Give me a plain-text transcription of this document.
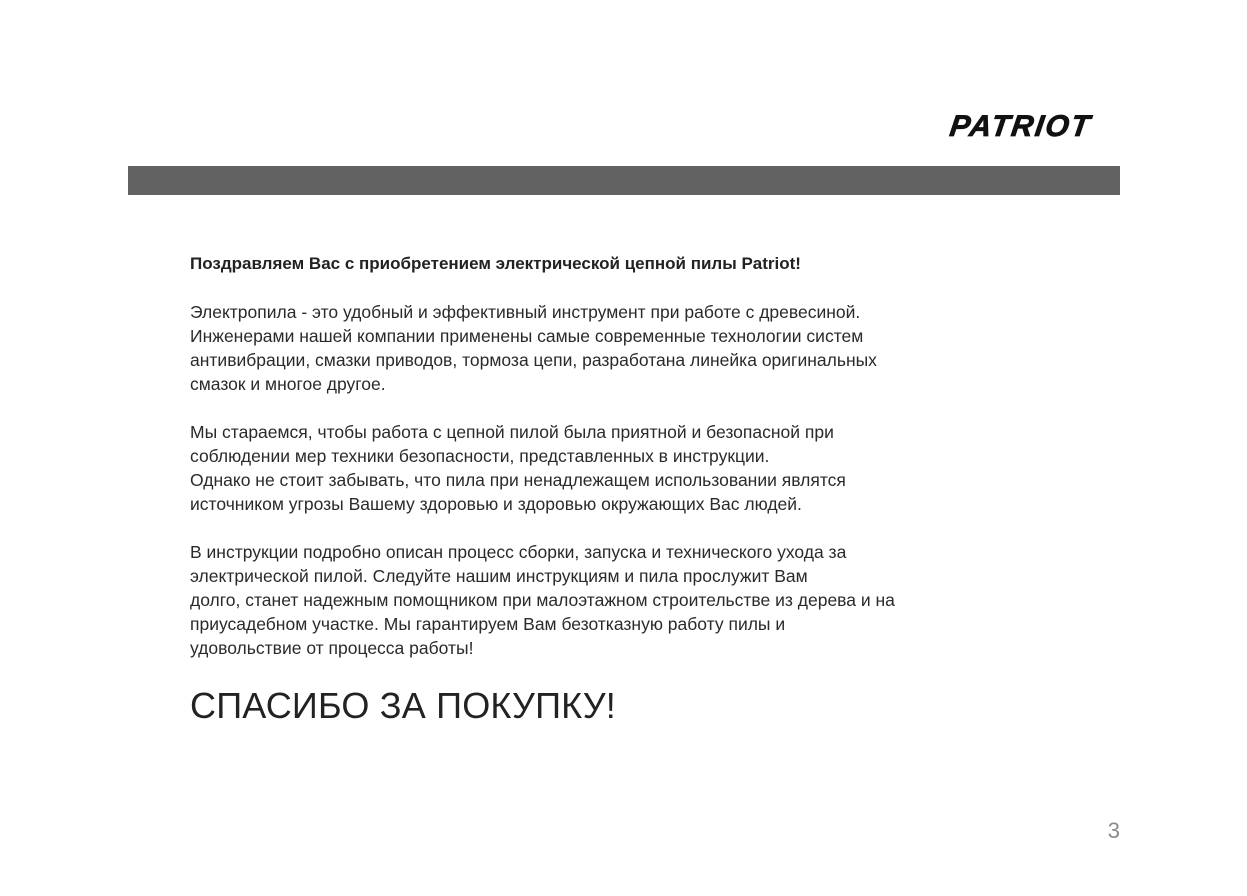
PATRIOT

Поздравляем Вас с приобретением электрической цепной пилы Patriot!

Электропила - это удобный и эффективный инструмент при работе с древесиной.
Инженерами нашей компании применены самые современные технологии систем
антивибрации, смазки приводов, тормоза цепи, разработана линейка оригинальных
смазок и многое другое.
Мы стараемся, чтобы работа с цепной пилой была приятной и безопасной при
соблюдении мер техники безопасности, представленных в инструкции.
Однако не стоит забывать, что пила при ненадлежащем использовании являтся
источником угрозы Вашему здоровью и здоровью окружающих Вас людей.
В инструкции подробно описан процесс сборки, запуска и технического ухода за
электрической пилой. Следуйте нашим инструкциям и пила прослужит Вам
долго, станет надежным помощником при малоэтажном строительстве из дерева и на
приусадебном участке. Мы гарантируем Вам безотказную работу пилы и
удовольствие от процесса работы!
СПАСИБО ЗА ПОКУПКУ!
3
